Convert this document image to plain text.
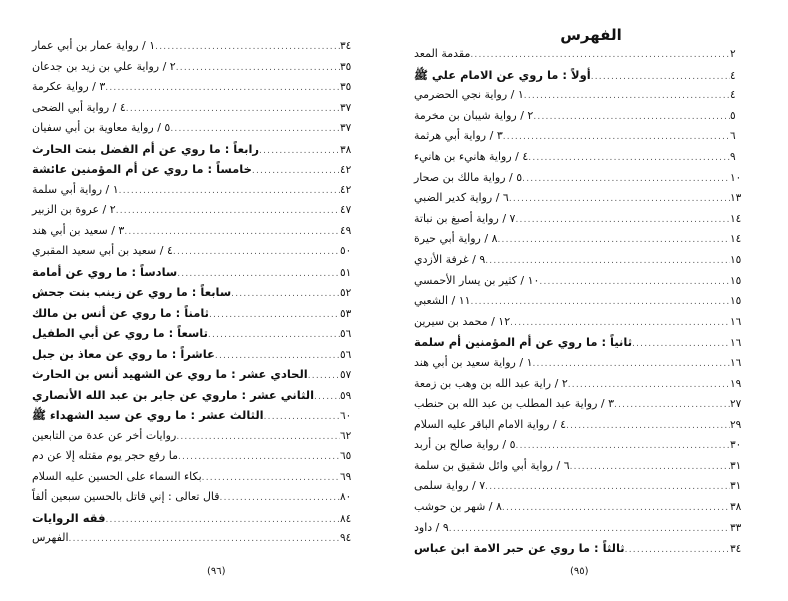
١ / رواية عمار بن أبي عمار .....	٣٤
٢ / رواية علي بن زيد بن جدعان .....	٣٥
٣ / رواية عكرمة .....	٣٥
٤ / رواية أبي الضحى .....	٣٧
٥ / رواية معاوية بن أبي سفيان .....	٣٧
رابعاً : ما روي عن أم الفضل بنت الحارث .....	٣٨
خامساً : ما روي عن أم المؤمنين عائشة .....	٤٢
١ / رواية أبي سلمة .....	٤٢
٢ / عروة بن الزبير .....	٤٧
٣ / سعيد بن أبي هند .....	٤٩
٤ / سعيد بن أبي سعيد المقبري .....	٥٠
سادساً : ما روي عن أمامة .....	٥١
سابعاً : ما روي عن زينب بنت جحش .....	٥٢
ثامناً : ما روي عن أنس بن مالك .....	٥٣
تاسعاً : ما روي عن أبي الطفيل .....	٥٦
عاشراً : ما روي عن معاذ بن جبل .....	٥٦
الحادي عشر : ما روي عن الشهيد أنس بن الحارث .....	٥٧
الثاني عشر : ماروي عن جابر بن عبد الله الأنصاري ..... ٥٩
الثالث عشر : ما روي عن سيد الشهداء ﷺ .....	٦٠
روايات أخر عن عدة من التابعين .....	٦٢
ما رفع حجر يوم مقتله إلا عن دم .....	٦٥
بكاء السماء على الحسين عليه السلام .....	٦٩
قال تعالى : إني قاتل بالحسين سبعين ألفاً .....	٨٠
فقه الروايات .....	٨٤
الفهرس .....	٩٤
(٩٦)
الفهرس
مقدمة المعد .....	٢
أولاً : ما روي عن الامام علي ﷺ .....	٤
١ / رواية نجي الحضرمي .....	٤
٢ / رواية شيبان بن مخرمة .....	٥
٣ / رواية أبي هرثمة .....	٦
٤ / رواية هانيء بن هانيء .....	٩
٥ / رواية مالك بن صحار .....	١٠
٦ / رواية كدير الضبي .....	١٣
٧ / رواية أصبغ بن نباتة .....	١٤
٨ / رواية أبي حيرة .....	١٤
٩ / غرفة الأزدي .....	١٥
١٠ / كثير بن يسار الأحمسي .....	١٥
١١ / الشعبي .....	١٥
١٢ / محمد بن سيرين .....	١٦
ثانياً : ما روي عن أم المؤمنين أم سلمة .....	١٦
١ / رواية سعيد بن أبي هند .....	١٦
٢ / راية عبد الله بن وهب بن زمعة .....	١٩
٣ / رواية عبد المطلب بن عبد الله بن حنطب .....	٢٧
٤ / رواية الامام الباقر عليه السلام .....	٢٩
٥ / رواية صالح بن أربد .....	٣٠
٦ / رواية أبي وائل شقيق بن سلمة .....	٣١
٧ / رواية سلمى .....	٣١
٨ / شهر بن حوشب .....	٣٨
٩ / داود .....	٣٣
ثالثاً : ما روي عن حبر الامة ابن عباس .....	٣٤
(٩٥)
